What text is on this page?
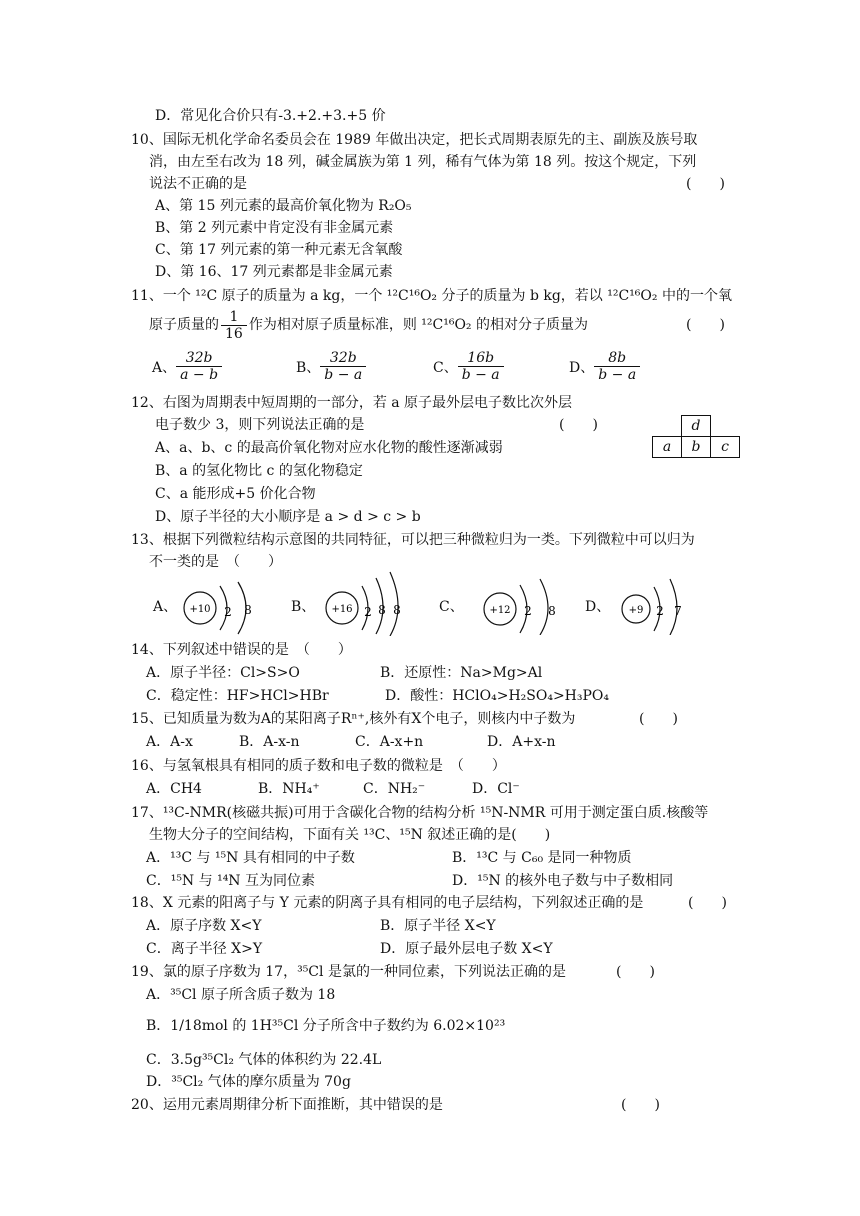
D．常见化合价只有-3.+2.+3.+5 价
10、国际无机化学命名委员会在 1989 年做出决定，把长式周期表原先的主、副族及族号取
消，由左至右改为 18 列，碱金属族为第 1 列，稀有气体为第 18 列。按这个规定，下列
说法不正确的是	(　　)
A、第 15 列元素的最高价氧化物为 R₂O₅
B、第 2 列元素中肯定没有非金属元素
C、第 17 列元素的第一种元素无含氧酸
D、第 16、17 列元素都是非金属元素
11、一个 ¹²C 原子的质量为 a kg，一个 ¹²C¹⁶O₂ 分子的质量为 b kg，若以 ¹²C¹⁶O₂ 中的一个氧
原子质量的 $\frac{1}{16}$ 作为相对原子质量标准，则 ¹²C¹⁶O₂ 的相对分子质量为	(　　)
A、 $\frac{32b}{a - b}$	B、 $\frac{32b}{b - a}$	C、 $\frac{16b}{b - a}$	D、 $\frac{8b}{b - a}$
12、右图为周期表中短周期的一部分，若 a 原子最外层电子数比次外层
电子数少 3，则下列说法正确的是	(　　)
A、a、b、c 的最高价氧化物对应水化物的酸性逐渐减弱
B、a 的氢化物比 c 的氢化物稳定
C、a 能形成+5 价化合物
D、原子半径的大小顺序是 a > d > c > b
	d	
a	b	c
13、根据下列微粒结构示意图的共同特征，可以把三种微粒归为一类。下列微粒中可以归为
不一类的是　（　　）
A、 +10 2 8	B、 +16 2 8 8	C、	+12 2 8 D、 +9 2 7
14、下列叙述中错误的是　（　　）
A．原子半径：Cl>S>O	B．还原性：Na>Mg>Al
C．稳定性：HF>HCl>HBr	D．酸性：HClO₄>H₂SO₄>H₃PO₄
15、已知质量为数为A的某阳离子Rⁿ⁺,核外有X个电子，则核内中子数为	(　　)
A．A-x	B．A-x-n	C．A-x+n	D．A+x-n
16、与氢氧根具有相同的质子数和电子数的微粒是　（　　）
A．CH4	B．NH₄⁺	C．NH₂⁻	D．Cl⁻
17、¹³C-NMR(核磁共振)可用于含碳化合物的结构分析 ¹⁵N-NMR 可用于测定蛋白质.核酸等
生物大分子的空间结构，下面有关 ¹³C、¹⁵N 叙述正确的是(　　)
A．¹³C 与 ¹⁵N 具有相同的中子数	B．¹³C 与 C₆₀ 是同一种物质
C．¹⁵N 与 ¹⁴N 互为同位素	D．¹⁵N 的核外电子数与中子数相同
18、X 元素的阳离子与 Y 元素的阴离子具有相同的电子层结构，下列叙述正确的是	(　　)
A．原子序数 X<Y	B．原子半径 X<Y
C．离子半径 X>Y	D．原子最外层电子数 X<Y
19、氯的原子序数为 17，³⁵Cl 是氯的一种同位素，下列说法正确的是	(　　)
A．³⁵Cl 原子所含质子数为 18
B．1/18mol 的 1H³⁵Cl 分子所含中子数约为 6.02×10²³
C．3.5g³⁵Cl₂ 气体的体积约为 22.4L
D．³⁵Cl₂ 气体的摩尔质量为 70g
20、运用元素周期律分析下面推断，其中错误的是	(　　)
